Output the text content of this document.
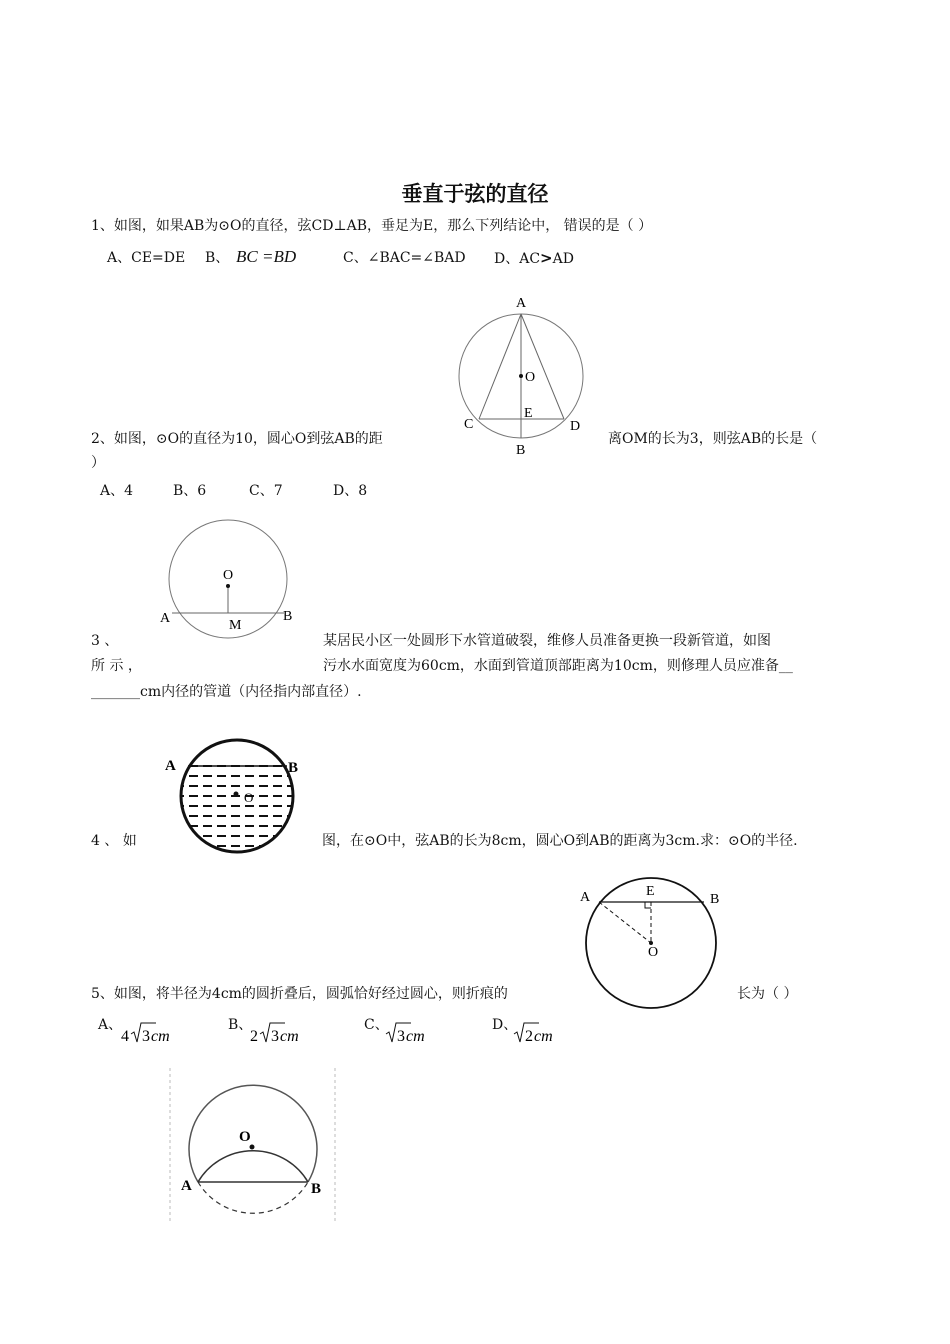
垂直于弦的直径
1、如图，如果AB为⊙O的直径，弦CD⊥AB，垂足为E，那么下列结论中， 错误的是（ ）
A、CE=DE B、 BC =BD	C、∠BAC=∠BAD D、AC>AD
A
O
E
C	D
B
2、如图，⊙O的直径为10，圆心O到弦AB的距	离OM的长为3，则弦AB的长是（
）
A、4	B、6	C、7	D、8
O
A	B
M
3 、	某居民小区一处圆形下水管道破裂，维修人员准备更换一段新管道，如图
所 示 ，	污水水面宽度为60cm，水面到管道顶部距离为10cm，则修理人员应准备__
_______cm内径的管道（内径指内部直径）.
A	B
O
4 、 如	图，在⊙O中，弦AB的长为8cm，圆心O到AB的距离为3cm.求：⊙O的半径.
A	E
B
O
5、如图，将半径为4cm的圆折叠后，圆弧恰好经过圆心，则折痕的	长为（ ）
A、
4 3 cm
B、
2 3 cm
C、
3 cm
D、
2 cm
O
A	B
